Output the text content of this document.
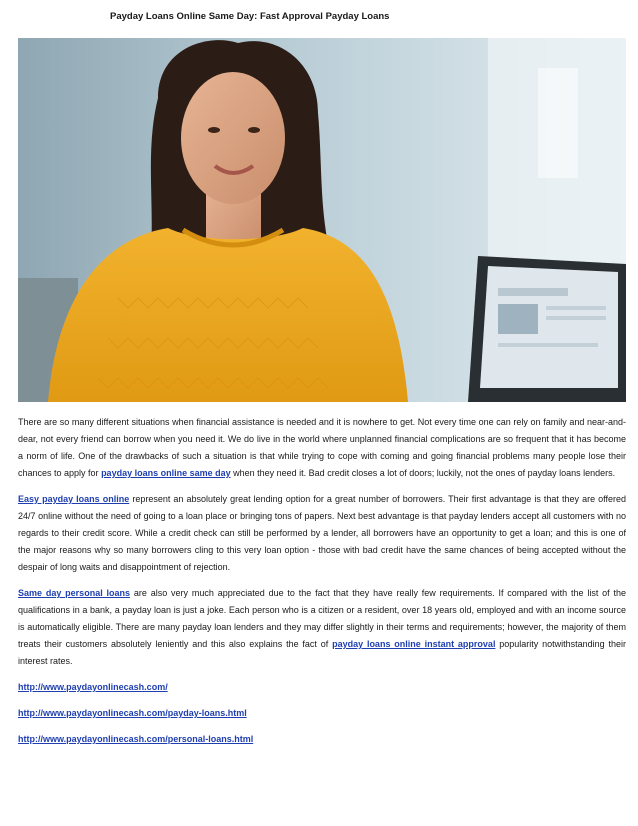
Payday Loans Online Same Day: Fast Approval Payday Loans

There are so many different situations when financial assistance is needed and it is nowhere to get. Not every time one can rely on family and near-and-dear, not every friend can borrow when you need it. We do live in the world where unplanned financial complications are so frequent that it has become a norm of life. One of the drawbacks of such a situation is that while trying to cope with coming and going financial problems many people lose their chances to apply for payday loans online same day when they need it. Bad credit closes a lot of doors; luckily, not the ones of payday loans lenders.

Easy payday loans online represent an absolutely great lending option for a great number of borrowers. Their first advantage is that they are offered 24/7 online without the need of going to a loan place or bringing tons of papers. Next best advantage is that payday lenders accept all customers with no regards to their credit score. While a credit check can still be performed by a lender, all borrowers have an opportunity to get a loan; and this is one of the major reasons why so many borrowers cling to this very loan option - those with bad credit have the same chances of being accepted without the despair of long waits and disappointment of rejection.

Same day personal loans are also very much appreciated due to the fact that they have really few requirements. If compared with the list of the qualifications in a bank, a payday loan is just a joke. Each person who is a citizen or a resident, over 18 years old, employed and with an income source is automatically eligible. There are many payday loan lenders and they may differ slightly in their terms and requirements; however, the majority of them treats their customers absolutely leniently and this also explains the fact of payday loans online instant approval popularity notwithstanding their interest rates.

http://www.paydayonlinecash.com/
http://www.paydayonlinecash.com/payday-loans.html
http://www.paydayonlinecash.com/personal-loans.html
